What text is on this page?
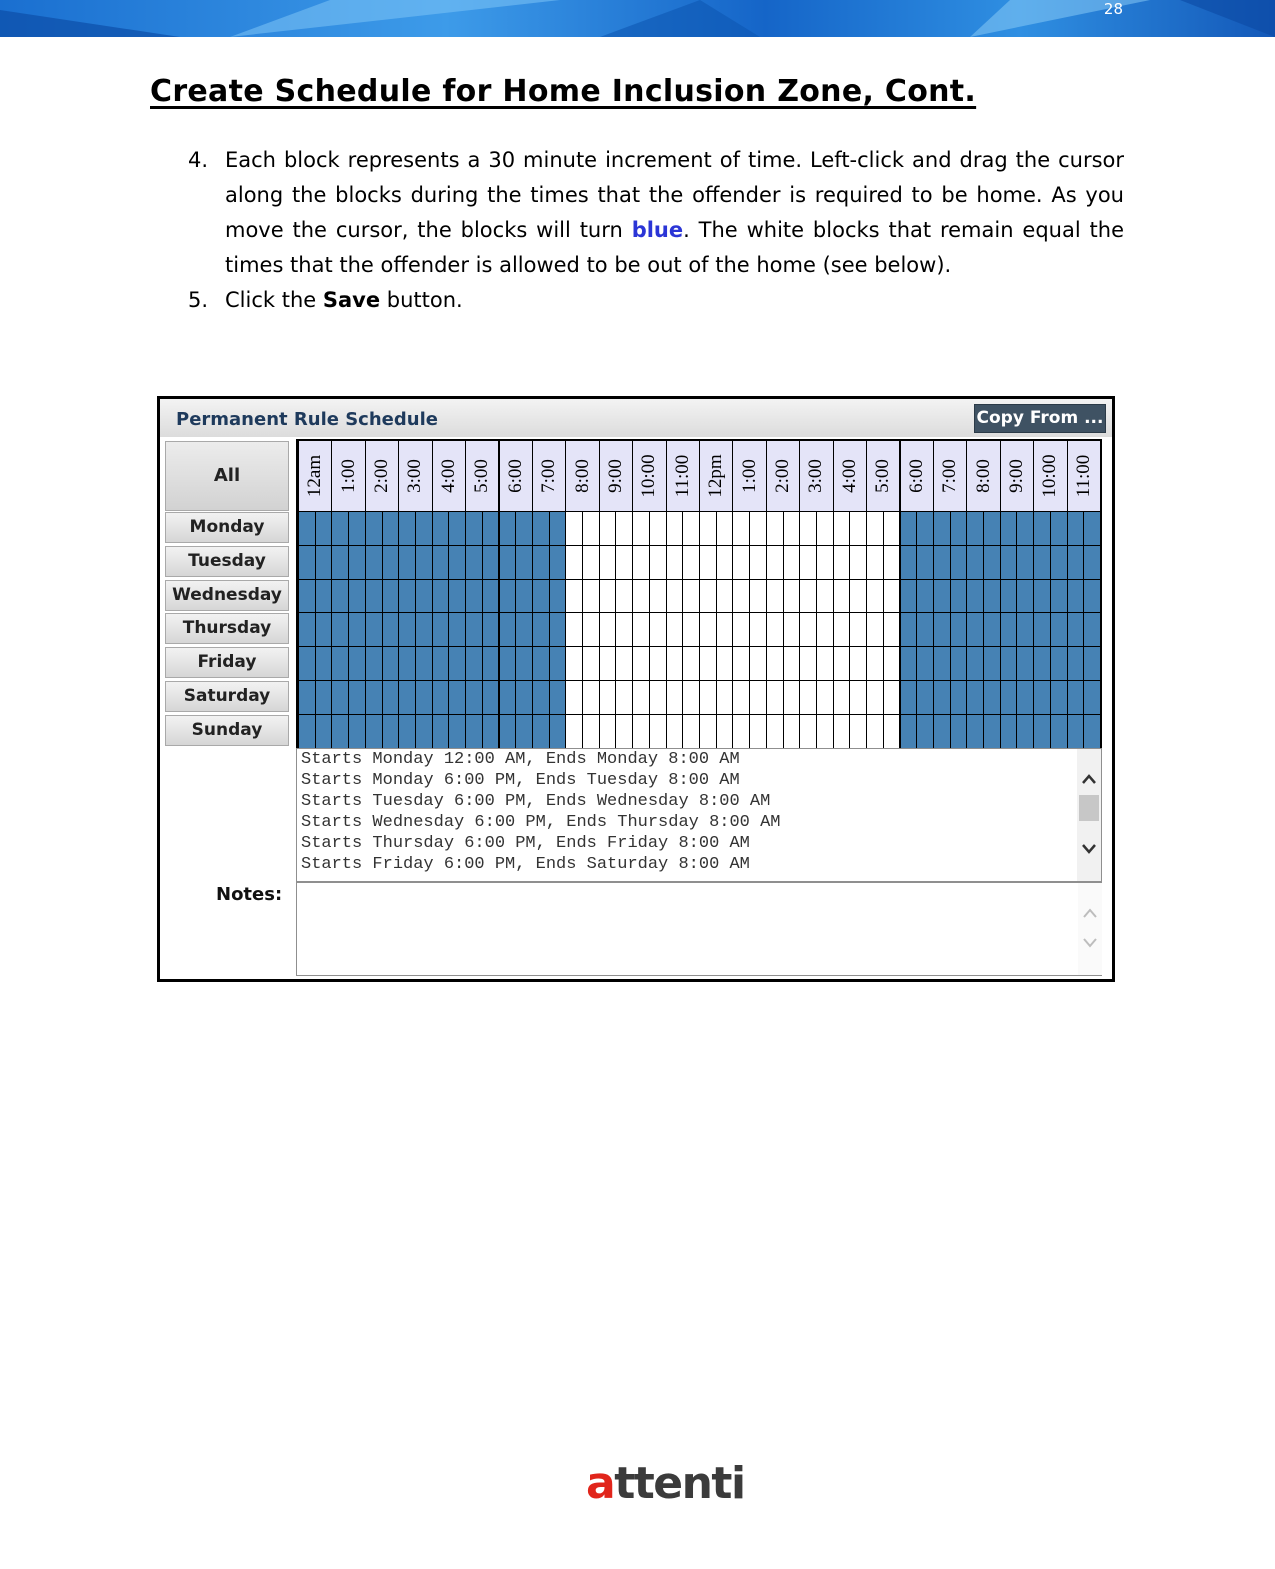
28
Create Schedule for Home Inclusion Zone, Cont.

4. Each block represents a 30 minute increment of time. Left-click and drag the cursor along the blocks during the times that the offender is required to be home. As you move the cursor, the blocks will turn blue. The white blocks that remain equal the times that the offender is allowed to be out of the home (see below).

5. Click the Save button.

Permanent Rule Schedule	Copy From ...
All
Monday
Tuesday
Wednesday
Thursday
Friday
Saturday
Sunday
12am 1:00 2:00 3:00 4:00 5:00 6:00 7:00 8:00 9:00 10:00 11:00 12pm 1:00 2:00 3:00 4:00 5:00 6:00 7:00 8:00 9:00 10:00 11:00
Starts Monday 12:00 AM, Ends Monday 8:00 AM
Starts Monday 6:00 PM, Ends Tuesday 8:00 AM
Starts Tuesday 6:00 PM, Ends Wednesday 8:00 AM
Starts Wednesday 6:00 PM, Ends Thursday 8:00 AM
Starts Thursday 6:00 PM, Ends Friday 8:00 AM
Starts Friday 6:00 PM, Ends Saturday 8:00 AM
Notes:
attenti
